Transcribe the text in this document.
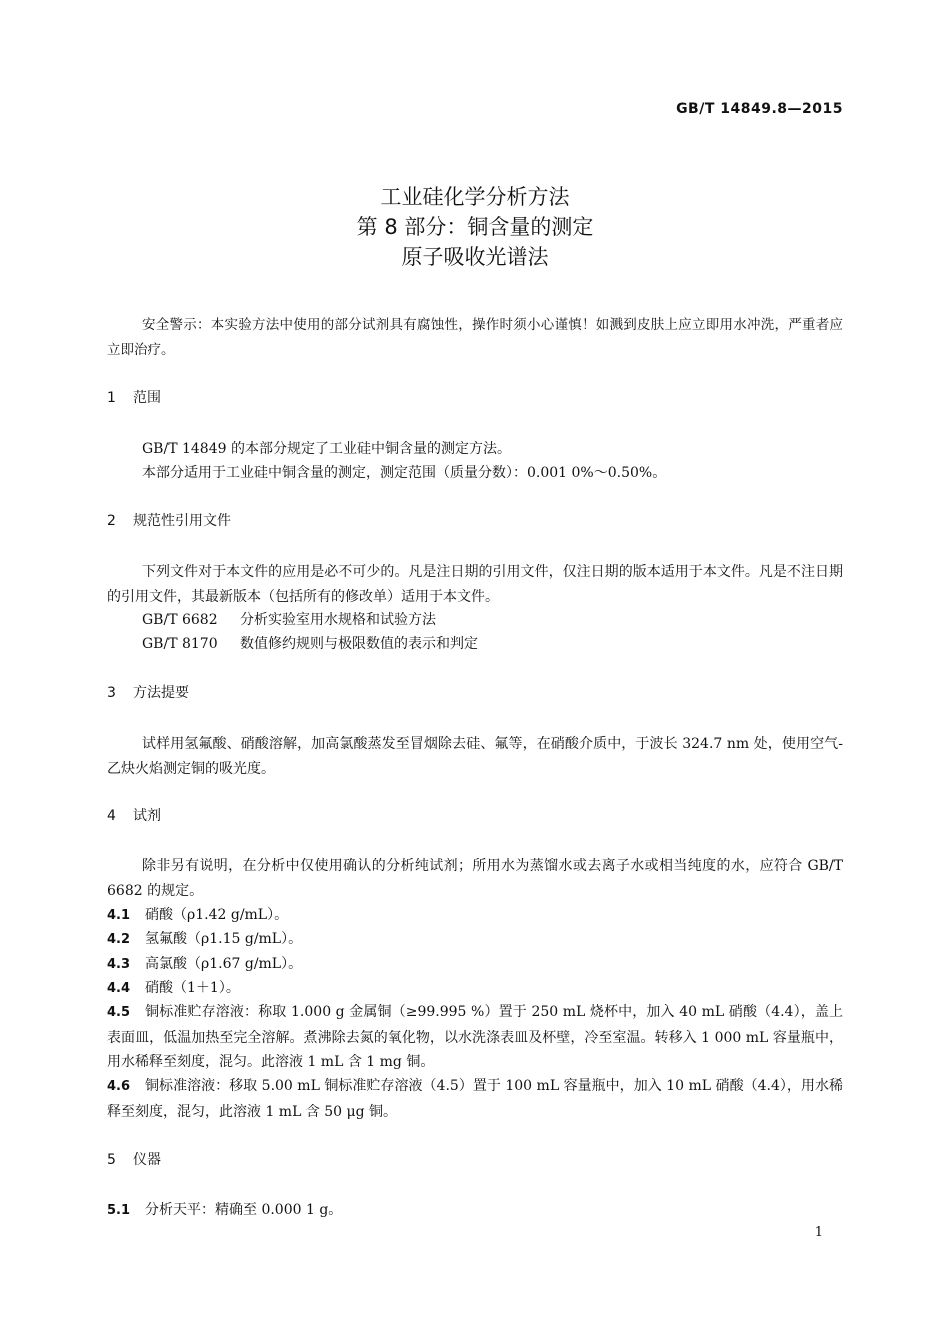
GB/T 14849.8—2015
工业硅化学分析方法
第 8 部分：铜含量的测定
原子吸收光谱法
安全警示：本实验方法中使用的部分试剂具有腐蚀性，操作时须小心谨慎！如溅到皮肤上应立即用水冲洗，严重者应立即治疗。
1 范围
GB/T 14849 的本部分规定了工业硅中铜含量的测定方法。
本部分适用于工业硅中铜含量的测定，测定范围（质量分数）：0.001 0%～0.50%。
2 规范性引用文件
下列文件对于本文件的应用是必不可少的。凡是注日期的引用文件，仅注日期的版本适用于本文件。凡是不注日期的引用文件，其最新版本（包括所有的修改单）适用于本文件。
GB/T 6682 分析实验室用水规格和试验方法
GB/T 8170 数值修约规则与极限数值的表示和判定
3 方法提要
试样用氢氟酸、硝酸溶解，加高氯酸蒸发至冒烟除去硅、氟等，在硝酸介质中，于波长 324.7 nm 处，使用空气-乙炔火焰测定铜的吸光度。
4 试剂
除非另有说明，在分析中仅使用确认的分析纯试剂；所用水为蒸馏水或去离子水或相当纯度的水，应符合 GB/T 6682 的规定。
4.1 硝酸（ρ1.42 g/mL）。
4.2 氢氟酸（ρ1.15 g/mL）。
4.3 高氯酸（ρ1.67 g/mL）。
4.4 硝酸（1＋1）。
4.5 铜标准贮存溶液：称取 1.000 g 金属铜（≥99.995 %）置于 250 mL 烧杯中，加入 40 mL 硝酸（4.4），盖上表面皿，低温加热至完全溶解。煮沸除去氮的氧化物，以水洗涤表皿及杯壁，冷至室温。转移入 1 000 mL 容量瓶中，用水稀释至刻度，混匀。此溶液 1 mL 含 1 mg 铜。
4.6 铜标准溶液：移取 5.00 mL 铜标准贮存溶液（4.5）置于 100 mL 容量瓶中，加入 10 mL 硝酸（4.4），用水稀释至刻度，混匀，此溶液 1 mL 含 50 μg 铜。
5 仪器
5.1 分析天平：精确至 0.000 1 g。
1
